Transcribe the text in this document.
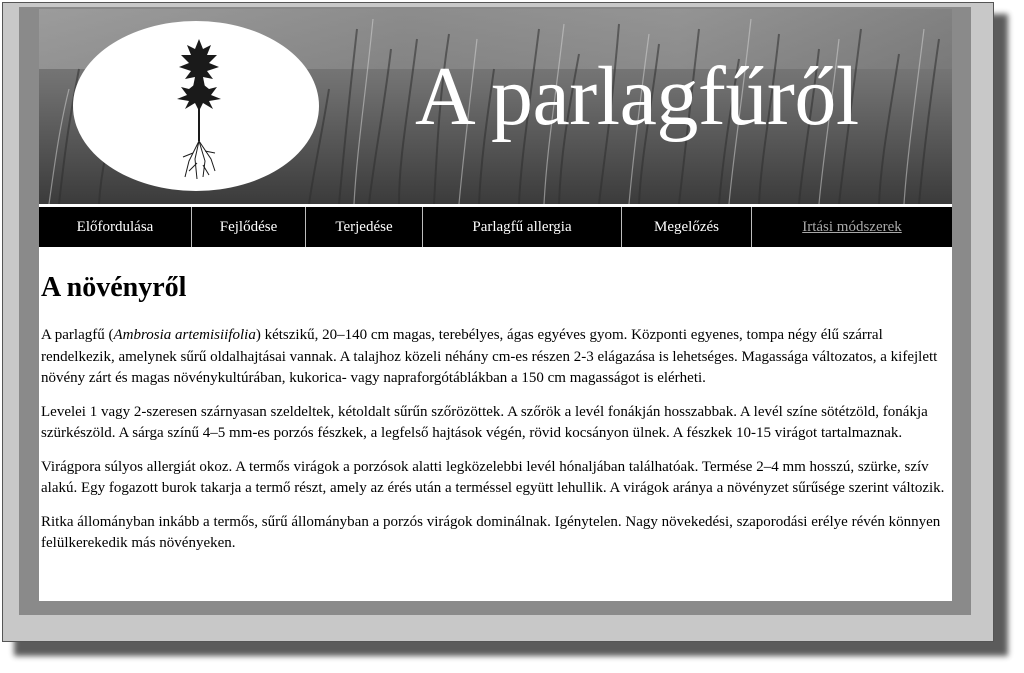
A parlagfűről
Előfordulása	Fejlődése	Terjedése	Parlagfű allergia	Megelőzés	Irtási módszerek
A növényről

A parlagfű (Ambrosia artemisiifolia) kétszikű, 20–140 cm magas, terebélyes, ágas egyéves gyom. Központi egyenes, tompa négy élű szárral rendelkezik, amelynek sűrű oldalhajtásai vannak. A talajhoz közeli néhány cm-es részen 2-3 elágazása is lehetséges. Magassága változatos, a kifejlett növény zárt és magas növénykultúrában, kukorica- vagy napraforgótáblákban a 150 cm magasságot is elérheti.

Levelei 1 vagy 2-szeresen szárnyasan szeldeltek, kétoldalt sűrűn szőrözöttek. A szőrök a levél fonákján hosszabbak. A levél színe sötétzöld, fonákja szürkészöld. A sárga színű 4–5 mm-es porzós fészkek, a legfelső hajtások végén, rövid kocsányon ülnek. A fészkek 10-15 virágot tartalmaznak.

Virágpora súlyos allergiát okoz. A termős virágok a porzósok alatti legközelebbi levél hónaljában találhatóak. Termése 2–4 mm hosszú, szürke, szív alakú. Egy fogazott burok takarja a termő részt, amely az érés után a terméssel együtt lehullik. A virágok aránya a növényzet sűrűsége szerint változik.

Ritka állományban inkább a termős, sűrű állományban a porzós virágok dominálnak. Igénytelen. Nagy növekedési, szaporodási erélye révén könnyen felülkerekedik más növényeken.
